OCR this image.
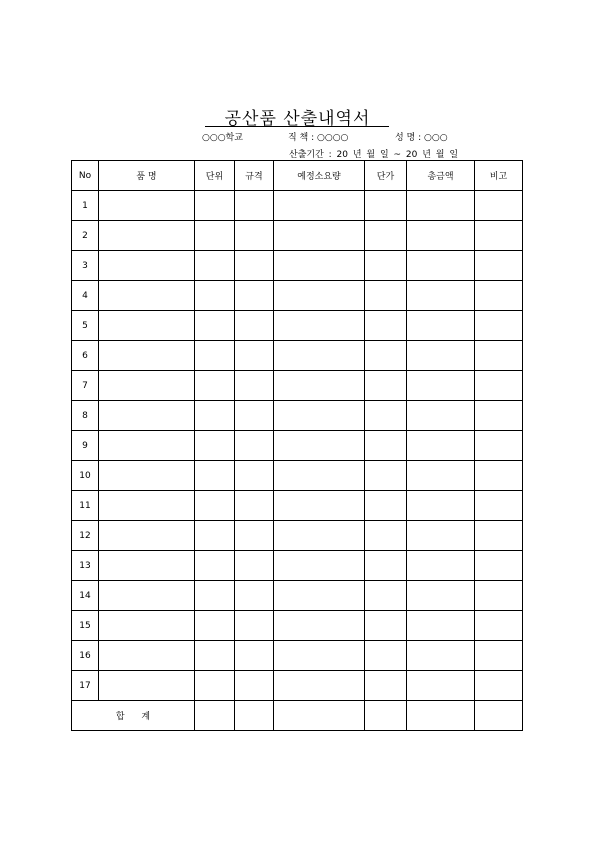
공산품 산출내역서
○○○학교	직 책 : ○○○○	성 명 : ○○○
산출기간 : 20 년 월 일 ~ 20 년 월 일
No	품 명	단위	규격	예정소요량	단가	총금액	비고
1							
2							
3							
4							
5							
6							
7							
8							
9							
10							
11							
12							
13							
14							
15							
16							
17							
합 계							
